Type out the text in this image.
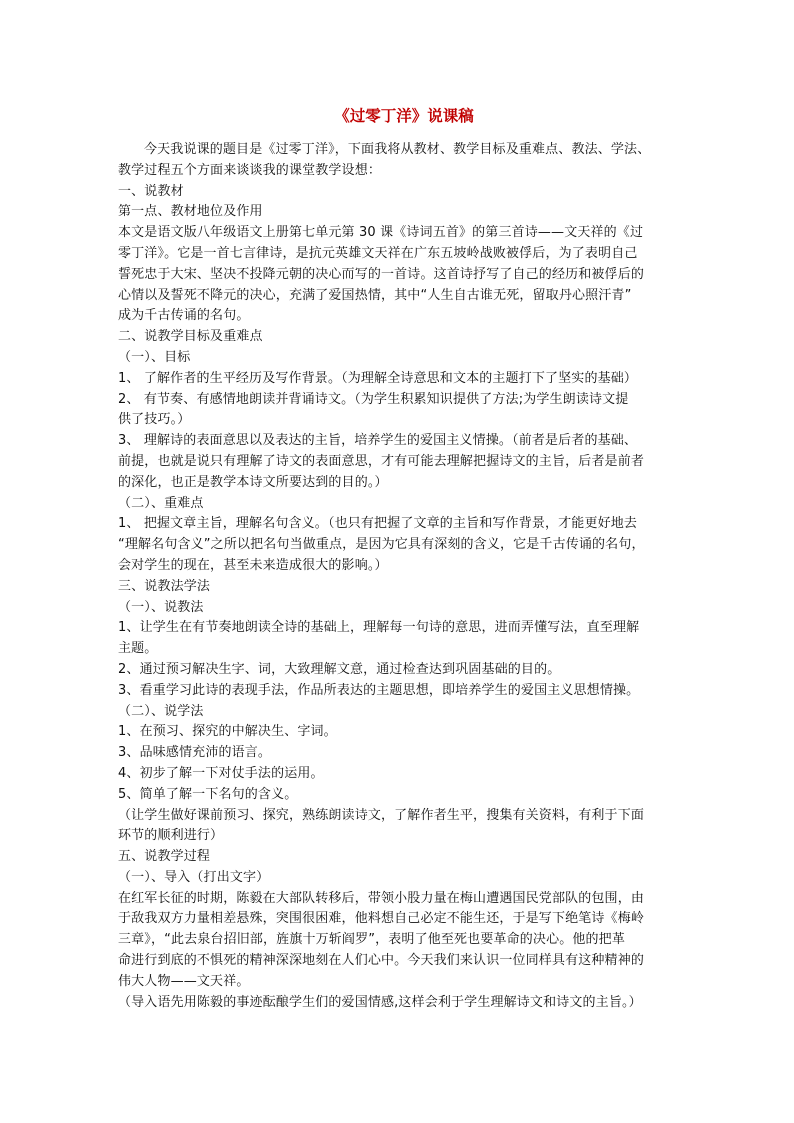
《过零丁洋》说课稿
今天我说课的题目是《过零丁洋》，下面我将从教材、教学目标及重难点、教法、学法、
教学过程五个方面来谈谈我的课堂教学设想：
一、说教材
第一点、教材地位及作用
本文是语文版八年级语文上册第七单元第 30 课《诗词五首》的第三首诗——文天祥的《过
零丁洋》。它是一首七言律诗，是抗元英雄文天祥在广东五坡岭战败被俘后，为了表明自己
誓死忠于大宋、坚决不投降元朝的决心而写的一首诗。这首诗抒写了自己的经历和被俘后的
心情以及誓死不降元的决心，充满了爱国热情，其中“人生自古谁无死，留取丹心照汗青”
成为千古传诵的名句。
二、说教学目标及重难点
（一）、目标
1、 了解作者的生平经历及写作背景。（为理解全诗意思和文本的主题打下了坚实的基础）
2、 有节奏、有感情地朗读并背诵诗文。（为学生积累知识提供了方法;为学生朗读诗文提
供了技巧。）
3、 理解诗的表面意思以及表达的主旨，培养学生的爱国主义情操。（前者是后者的基础、
前提，也就是说只有理解了诗文的表面意思，才有可能去理解把握诗文的主旨，后者是前者
的深化，也正是教学本诗文所要达到的目的。）
（二）、重难点
1、 把握文章主旨，理解名句含义。（也只有把握了文章的主旨和写作背景，才能更好地去
“理解名句含义”之所以把名句当做重点，是因为它具有深刻的含义，它是千古传诵的名句，
会对学生的现在，甚至未来造成很大的影响。）
三、说教法学法
（一）、说教法
1、让学生在有节奏地朗读全诗的基础上，理解每一句诗的意思，进而弄懂写法，直至理解
主题。
2、通过预习解决生字、词，大致理解文意，通过检查达到巩固基础的目的。
3、看重学习此诗的表现手法，作品所表达的主题思想，即培养学生的爱国主义思想情操。
（二）、说学法
1、在预习、探究的中解决生、字词。
3、品味感情充沛的语言。
4、初步了解一下对仗手法的运用。
5、简单了解一下名句的含义。
（让学生做好课前预习、探究，熟练朗读诗文，了解作者生平，搜集有关资料，有利于下面
环节的顺利进行）
五、说教学过程
（一）、导入（打出文字）
在红军长征的时期，陈毅在大部队转移后，带领小股力量在梅山遭遇国民党部队的包围，由
于敌我双方力量相差悬殊，突围很困难，他料想自己必定不能生还，于是写下绝笔诗《梅岭
三章》，“此去泉台招旧部，旌旗十万斩阎罗”，表明了他至死也要革命的决心。他的把革
命进行到底的不惧死的精神深深地刻在人们心中。今天我们来认识一位同样具有这种精神的
伟大人物——文天祥。
（导入语先用陈毅的事迹酝酿学生们的爱国情感,这样会利于学生理解诗文和诗文的主旨。）
